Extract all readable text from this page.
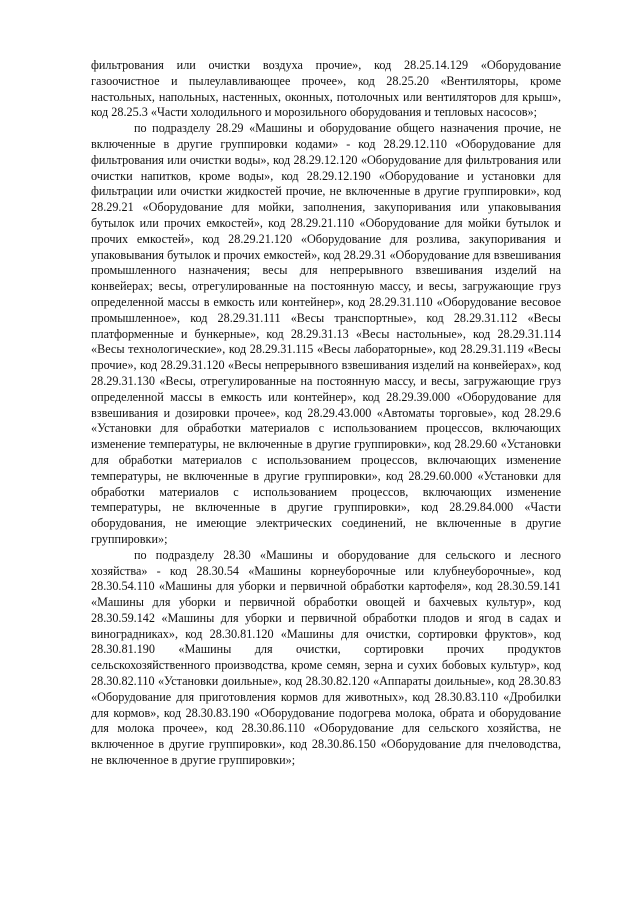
фильтрования или очистки воздуха прочие», код 28.25.14.129 «Оборудование газоочистное и пылеулавливающее прочее», код 28.25.20 «Вентиляторы, кроме настольных, напольных, настенных, оконных, потолочных или вентиляторов для крыш», код 28.25.3 «Части холодильного и морозильного оборудования и тепловых насосов»;

по подразделу 28.29 «Машины и оборудование общего назначения прочие, не включенные в другие группировки кодами» - код 28.29.12.110 «Оборудование для фильтрования или очистки воды», код 28.29.12.120 «Оборудование для фильтрования или очистки напитков, кроме воды», код 28.29.12.190 «Оборудование и установки для фильтрации или очистки жидкостей прочие, не включенные в другие группировки», код 28.29.21 «Оборудование для мойки, заполнения, закупоривания или упаковывания бутылок или прочих емкостей», код 28.29.21.110 «Оборудование для мойки бутылок и прочих емкостей», код 28.29.21.120 «Оборудование для розлива, закупоривания и упаковывания бутылок и прочих емкостей», код 28.29.31 «Оборудование для взвешивания промышленного назначения; весы для непрерывного взвешивания изделий на конвейерах; весы, отрегулированные на постоянную массу, и весы, загружающие груз определенной массы в емкость или контейнер», код 28.29.31.110 «Оборудование весовое промышленное», код 28.29.31.111 «Весы транспортные», код 28.29.31.112 «Весы платформенные и бункерные», код 28.29.31.13 «Весы настольные», код 28.29.31.114 «Весы технологические», код 28.29.31.115 «Весы лабораторные», код 28.29.31.119 «Весы прочие», код 28.29.31.120 «Весы непрерывного взвешивания изделий на конвейерах», код 28.29.31.130 «Весы, отрегулированные на постоянную массу, и весы, загружающие груз определенной массы в емкость или контейнер», код 28.29.39.000 «Оборудование для взвешивания и дозировки прочее», код 28.29.43.000 «Автоматы торговые», код 28.29.6 «Установки для обработки материалов с использованием процессов, включающих изменение температуры, не включенные в другие группировки», код 28.29.60 «Установки для обработки материалов с использованием процессов, включающих изменение температуры, не включенные в другие группировки», код 28.29.60.000 «Установки для обработки материалов с использованием процессов, включающих изменение температуры, не включенные в другие группировки», код 28.29.84.000 «Части оборудования, не имеющие электрических соединений, не включенные в другие группировки»;

по подразделу 28.30 «Машины и оборудование для сельского и лесного хозяйства» - код 28.30.54 «Машины корнеуборочные или клубнеуборочные», код 28.30.54.110 «Машины для уборки и первичной обработки картофеля», код 28.30.59.141 «Машины для уборки и первичной обработки овощей и бахчевых культур», код 28.30.59.142 «Машины для уборки и первичной обработки плодов и ягод в садах и виноградниках», код 28.30.81.120 «Машины для очистки, сортировки фруктов», код 28.30.81.190 «Машины для очистки, сортировки прочих продуктов сельскохозяйственного производства, кроме семян, зерна и сухих бобовых культур», код 28.30.82.110 «Установки доильные», код 28.30.82.120 «Аппараты доильные», код 28.30.83 «Оборудование для приготовления кормов для животных», код 28.30.83.110 «Дробилки для кормов», код 28.30.83.190 «Оборудование подогрева молока, обрата и оборудование для молока прочее», код 28.30.86.110 «Оборудование для сельского хозяйства, не включенное в другие группировки», код 28.30.86.150 «Оборудование для пчеловодства, не включенное в другие группировки»;
